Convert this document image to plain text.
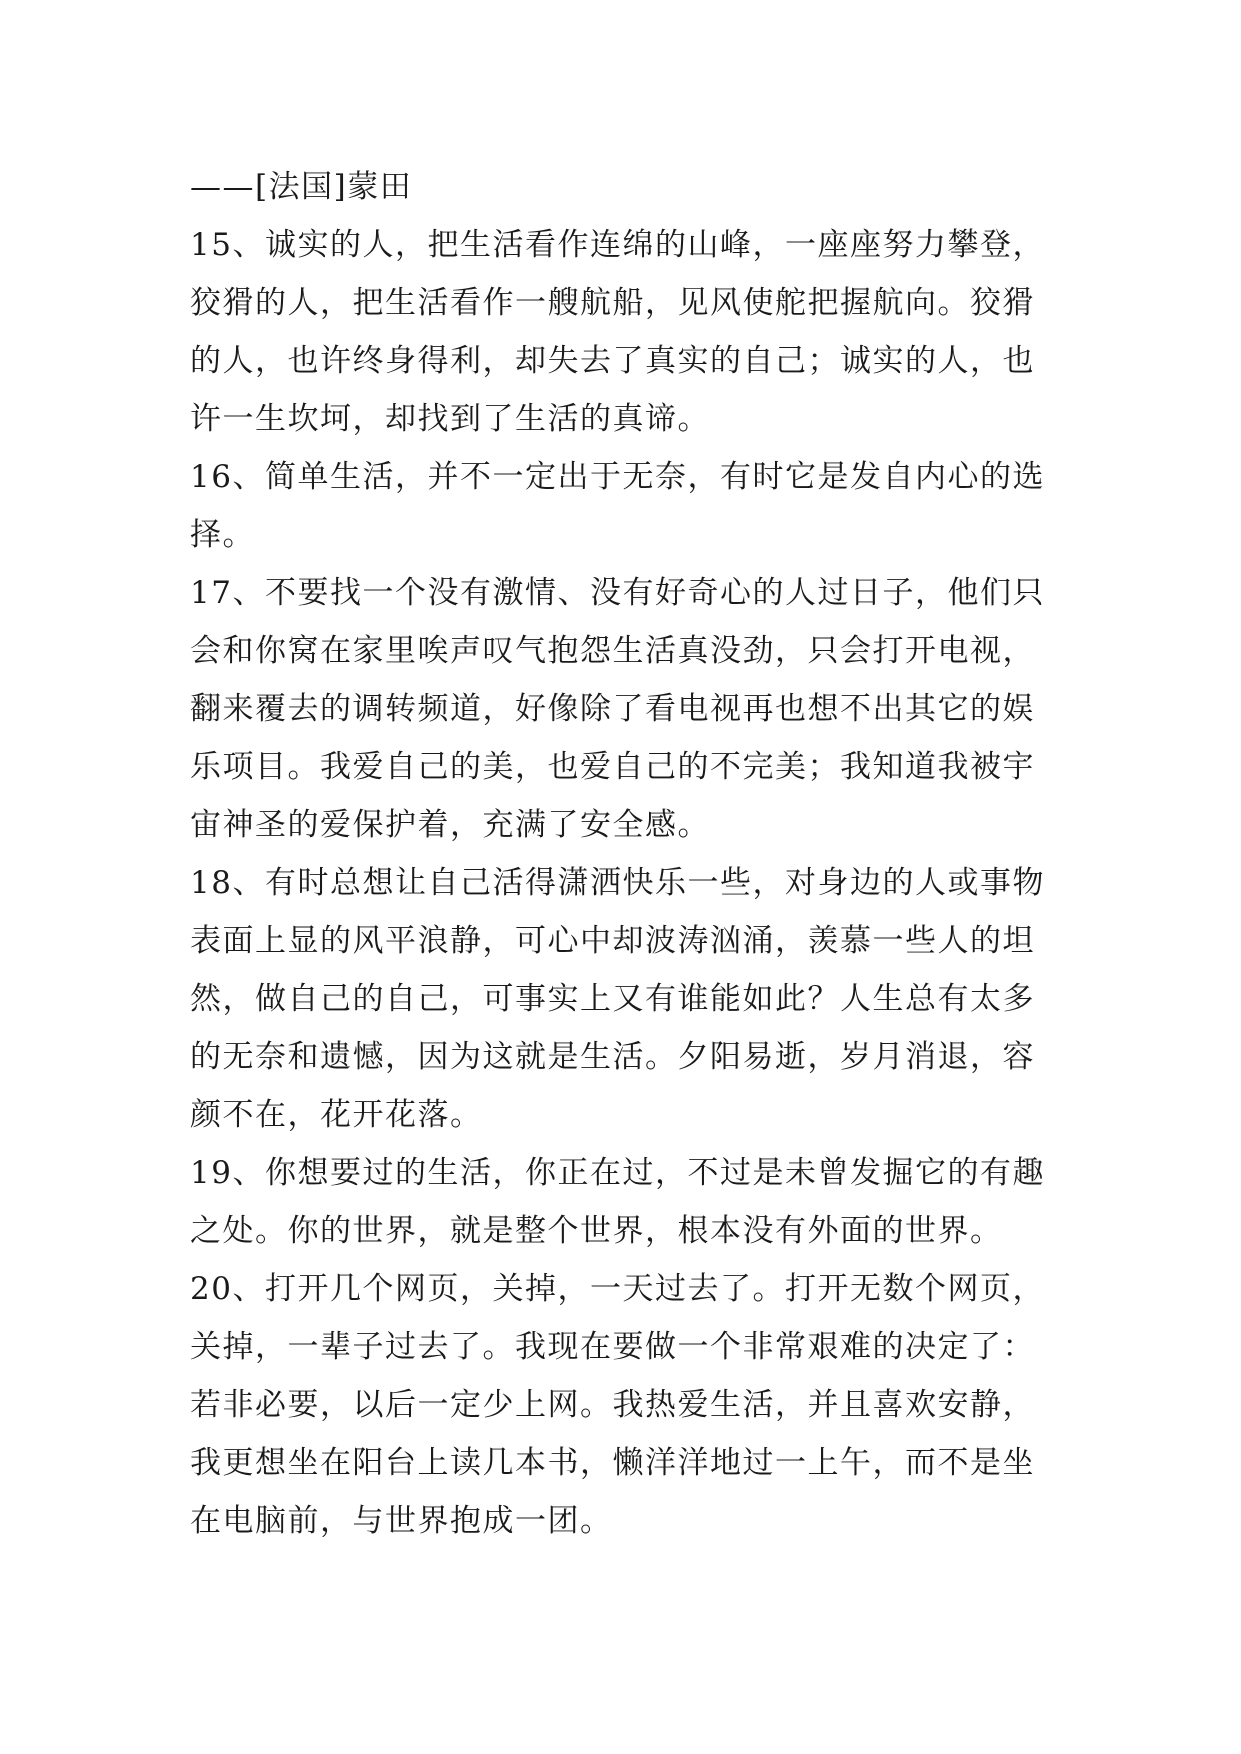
——[法国]蒙田
15、诚实的人，把生活看作连绵的山峰，一座座努力攀登，
狡猾的人，把生活看作一艘航船，见风使舵把握航向。狡猾
的人，也许终身得利，却失去了真实的自己；诚实的人，也
许一生坎坷，却找到了生活的真谛。
16、简单生活，并不一定出于无奈，有时它是发自内心的选
择。
17、不要找一个没有激情、没有好奇心的人过日子，他们只
会和你窝在家里唉声叹气抱怨生活真没劲，只会打开电视，
翻来覆去的调转频道，好像除了看电视再也想不出其它的娱
乐项目。我爱自己的美，也爱自己的不完美；我知道我被宇
宙神圣的爱保护着，充满了安全感。
18、有时总想让自己活得潇洒快乐一些，对身边的人或事物
表面上显的风平浪静，可心中却波涛汹涌，羡慕一些人的坦
然，做自己的自己，可事实上又有谁能如此？人生总有太多
的无奈和遗憾，因为这就是生活。夕阳易逝，岁月消退，容
颜不在，花开花落。
19、你想要过的生活，你正在过，不过是未曾发掘它的有趣
之处。你的世界，就是整个世界，根本没有外面的世界。
20、打开几个网页，关掉，一天过去了。打开无数个网页，
关掉，一辈子过去了。我现在要做一个非常艰难的决定了：
若非必要，以后一定少上网。我热爱生活，并且喜欢安静，
我更想坐在阳台上读几本书，懒洋洋地过一上午，而不是坐
在电脑前，与世界抱成一团。
